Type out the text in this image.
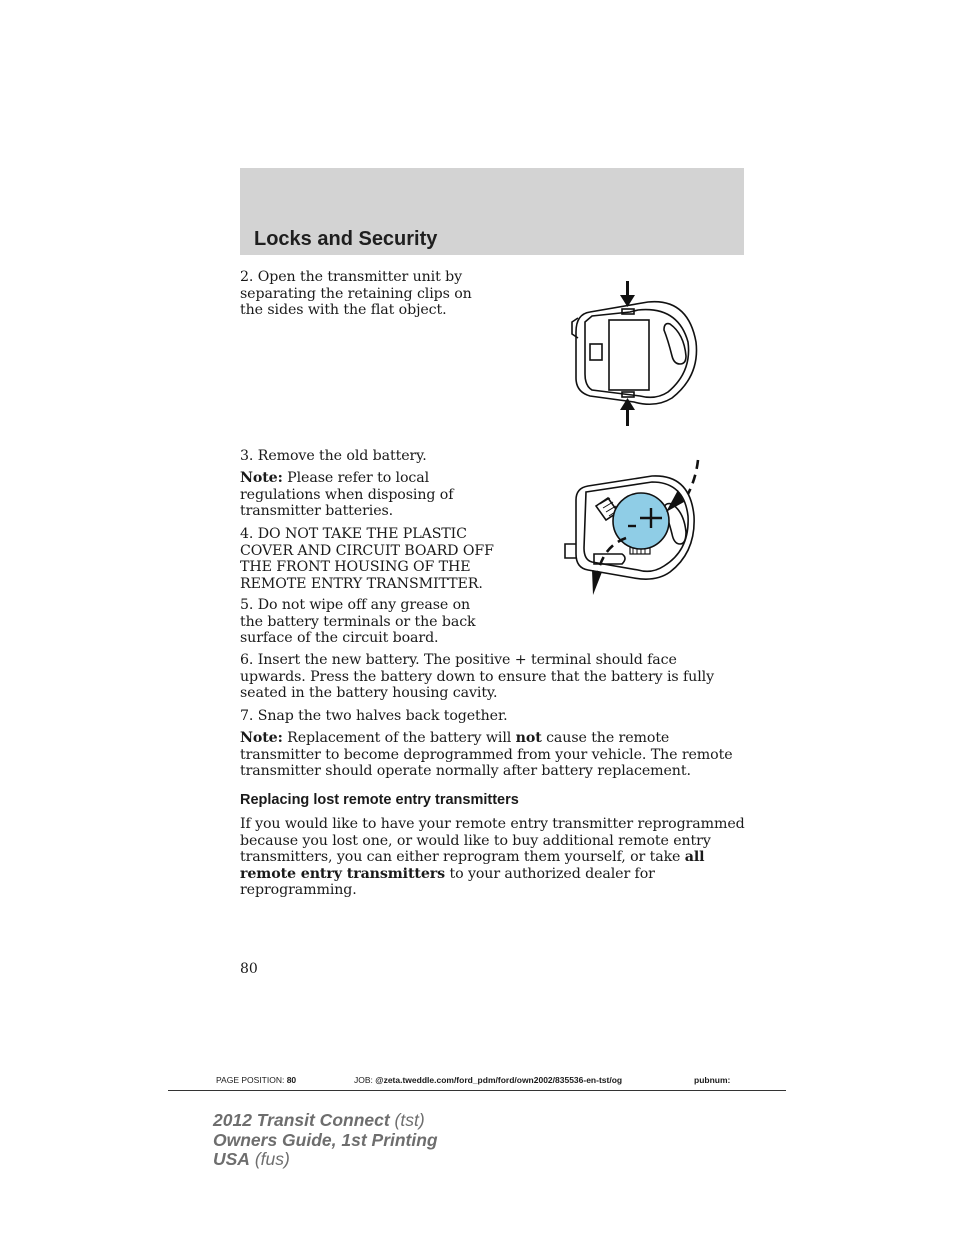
Locks and Security

2. Open the transmitter unit by separating the retaining clips on the sides with the flat object.

3. Remove the old battery.

Note: Please refer to local regulations when disposing of transmitter batteries.

4. DO NOT TAKE THE PLASTIC COVER AND CIRCUIT BOARD OFF THE FRONT HOUSING OF THE REMOTE ENTRY TRANSMITTER.

5. Do not wipe off any grease on the battery terminals or the back surface of the circuit board.

6. Insert the new battery. The positive + terminal should face upwards. Press the battery down to ensure that the battery is fully seated in the battery housing cavity.

7. Snap the two halves back together.

Note: Replacement of the battery will not cause the remote transmitter to become deprogrammed from your vehicle. The remote transmitter should operate normally after battery replacement.

Replacing lost remote entry transmitters

If you would like to have your remote entry transmitter reprogrammed because you lost one, or would like to buy additional remote entry transmitters, you can either reprogram them yourself, or take all remote entry transmitters to your authorized dealer for reprogramming.

80
PAGE POSITION: 80	JOB: @zeta.tweddle.com/ford_pdm/ford/own2002/835536-en-tst/og	pubnum:
2012 Transit Connect (tst)
Owners Guide, 1st Printing
USA (fus)
